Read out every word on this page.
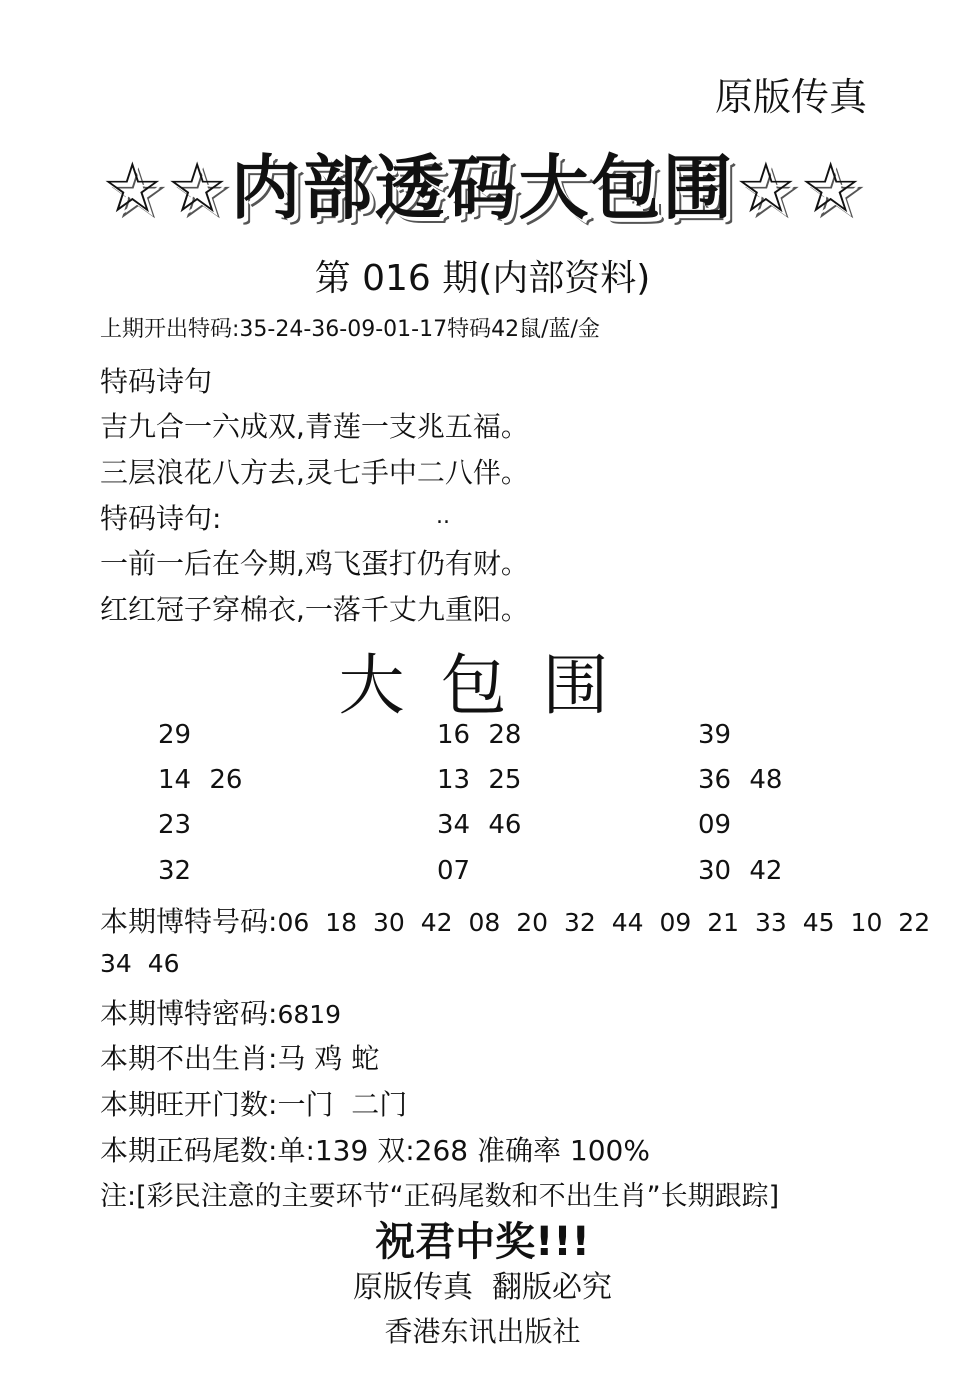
原版传真
☆☆内部透码大包围☆☆
第 016 期(内部资料)
上期开出特码:35-24-36-09-01-17特码42鼠/蓝/金
特码诗句
吉九合一六成双,青莲一支兆五福。
三层浪花八方去,灵七手中二八伴。
特码诗句:	..
一前一后在今期,鸡飞蛋打仍有财。
红红冠子穿棉衣,一落千丈九重阳。
大包围
29	16 28	39
14 26	13 25	36 48
23	34 46	09
32	07	30 42
本期博特号码:06 18 30 42 08 20 32 44 09 21 33 45 10 22
34 46
本期博特密码:6819
本期不出生肖:马 鸡 蛇
本期旺开门数:一门  二门
本期正码尾数:单:139 双:268 准确率 100%
注:[彩民注意的主要环节“正码尾数和不出生肖”长期跟踪]
祝君中奖!!!
原版传真  翻版必究
香港东讯出版社
